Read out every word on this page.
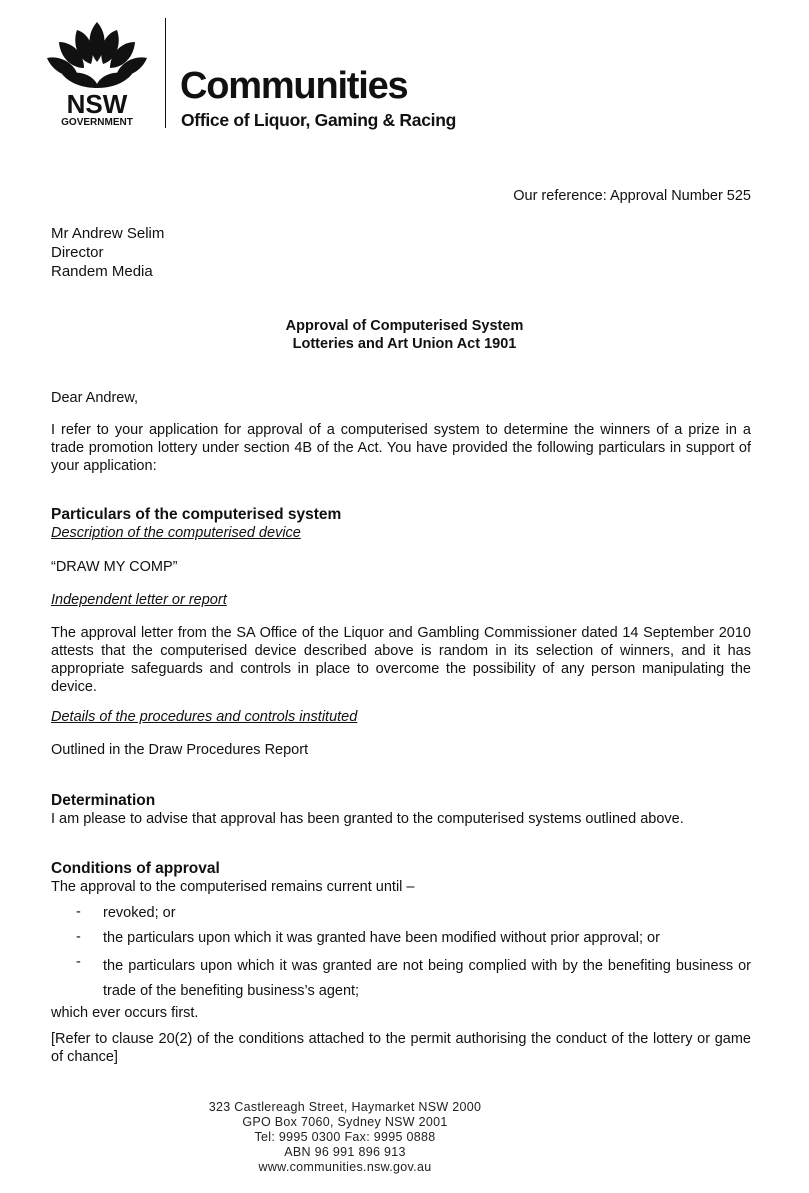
NSW
GOVERNMENT
Communities
Office of Liquor, Gaming & Racing
Our reference: Approval Number 525
Mr Andrew Selim
Director
Randem Media
Approval of Computerised System
Lotteries and Art Union Act 1901
Dear Andrew,
I refer to your application for approval of a computerised system to determine the winners of a prize in a trade promotion lottery under section 4B of the Act. You have provided the following particulars in support of your application:
Particulars of the computerised system
Description of the computerised device
“DRAW MY COMP”
Independent letter or report
The approval letter from the SA Office of the Liquor and Gambling Commissioner dated 14 September 2010 attests that the computerised device described above is random in its selection of winners, and it has appropriate safeguards and controls in place to overcome the possibility of any person manipulating the device.
Details of the procedures and controls instituted
Outlined in the Draw Procedures Report
Determination
I am please to advise that approval has been granted to the computerised systems outlined above.
Conditions of approval
The approval to the computerised remains current until –
- revoked; or
- the particulars upon which it was granted have been modified without prior approval; or
- the particulars upon which it was granted are not being complied with by the benefiting business or trade of the benefiting business’s agent;
which ever occurs first.
[Refer to clause 20(2) of the conditions attached to the permit authorising the conduct of the lottery or game of chance]
323 Castlereagh Street, Haymarket NSW 2000
GPO Box 7060, Sydney NSW 2001
Tel: 9995 0300 Fax: 9995 0888
ABN 96 991 896 913
www.communities.nsw.gov.au
